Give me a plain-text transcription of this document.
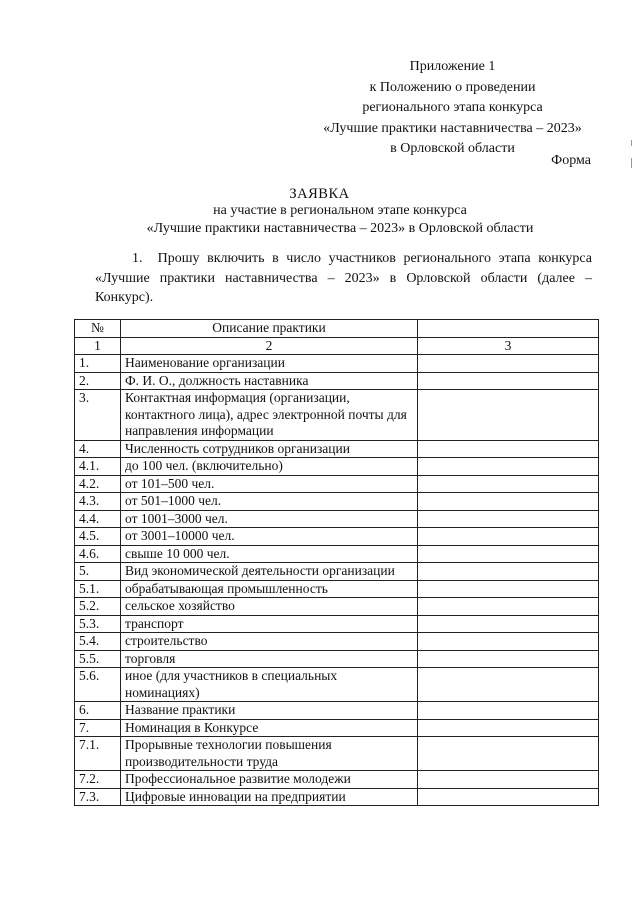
Приложение 1
к Положению о проведении
регионального этапа конкурса
«Лучшие практики наставничества – 2023»
в Орловской области
Форма
ЗАЯВКА
на участие в региональном этапе конкурса
«Лучшие практики наставничества – 2023» в Орловской области
1.  Прошу включить в число участников регионального этапа конкурса «Лучшие практики наставничества – 2023» в Орловской области (далее – Конкурс).
№	Описание практики	
1	2	3
1.	Наименование организации	
2.	Ф. И. О., должность наставника	
3.	Контактная информация (организации, контактного лица), адрес электронной почты для направления информации	
4.	Численность сотрудников организации	
4.1.	до 100 чел. (включительно)	
4.2.	от 101–500 чел.	
4.3.	от 501–1000 чел.	
4.4.	от 1001–3000 чел.	
4.5.	от 3001–10000 чел.	
4.6.	свыше 10 000 чел.	
5.	Вид экономической деятельности организации	
5.1.	обрабатывающая промышленность	
5.2.	сельское хозяйство	
5.3.	транспорт	
5.4.	строительство	
5.5.	торговля	
5.6.	иное (для участников в специальных номинациях)	
6.	Название практики	
7.	Номинация в Конкурсе	
7.1.	Прорывные технологии повышения производительности труда	
7.2.	Профессиональное развитие молодежи	
7.3.	Цифровые инновации на предприятии	
